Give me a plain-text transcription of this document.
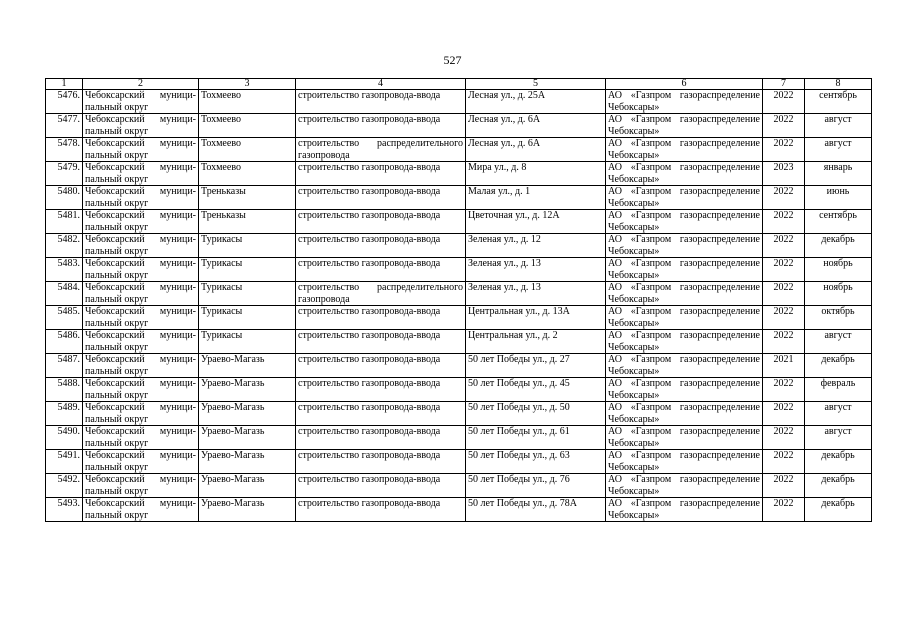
527
1	2	3	4	5	6	7	8
5476.	Чебоксарский муници-пальный округ	Тохмеево	строительство газопровода-ввода	Лесная ул., д. 25А	АО «Газпром газораспределение Чебоксары»	2022	сентябрь
5477.	Чебоксарский муници-пальный округ	Тохмеево	строительство газопровода-ввода	Лесная ул., д. 6А	АО «Газпром газораспределение Чебоксары»	2022	август
5478.	Чебоксарский муници-пальный округ	Тохмеево	строительство распределительного газопровода	Лесная ул., д. 6А	АО «Газпром газораспределение Чебоксары»	2022	август
5479.	Чебоксарский муници-пальный округ	Тохмеево	строительство газопровода-ввода	Мира ул., д. 8	АО «Газпром газораспределение Чебоксары»	2023	январь
5480.	Чебоксарский муници-пальный округ	Треньказы	строительство газопровода-ввода	Малая ул., д. 1	АО «Газпром газораспределение Чебоксары»	2022	июнь
5481.	Чебоксарский муници-пальный округ	Треньказы	строительство газопровода-ввода	Цветочная ул., д. 12А	АО «Газпром газораспределение Чебоксары»	2022	сентябрь
5482.	Чебоксарский муници-пальный округ	Турикасы	строительство газопровода-ввода	Зеленая ул., д. 12	АО «Газпром газораспределение Чебоксары»	2022	декабрь
5483.	Чебоксарский муници-пальный округ	Турикасы	строительство газопровода-ввода	Зеленая ул., д. 13	АО «Газпром газораспределение Чебоксары»	2022	ноябрь
5484.	Чебоксарский муници-пальный округ	Турикасы	строительство распределительного газопровода	Зеленая ул., д. 13	АО «Газпром газораспределение Чебоксары»	2022	ноябрь
5485.	Чебоксарский муници-пальный округ	Турикасы	строительство газопровода-ввода	Центральная ул., д. 13А	АО «Газпром газораспределение Чебоксары»	2022	октябрь
5486.	Чебоксарский муници-пальный округ	Турикасы	строительство газопровода-ввода	Центральная ул., д. 2	АО «Газпром газораспределение Чебоксары»	2022	август
5487.	Чебоксарский муници-пальный округ	Ураево-Магазь	строительство газопровода-ввода	50 лет Победы ул., д. 27	АО «Газпром газораспределение Чебоксары»	2021	декабрь
5488.	Чебоксарский муници-пальный округ	Ураево-Магазь	строительство газопровода-ввода	50 лет Победы ул., д. 45	АО «Газпром газораспределение Чебоксары»	2022	февраль
5489.	Чебоксарский муници-пальный округ	Ураево-Магазь	строительство газопровода-ввода	50 лет Победы ул., д. 50	АО «Газпром газораспределение Чебоксары»	2022	август
5490.	Чебоксарский муници-пальный округ	Ураево-Магазь	строительство газопровода-ввода	50 лет Победы ул., д. 61	АО «Газпром газораспределение Чебоксары»	2022	август
5491.	Чебоксарский муници-пальный округ	Ураево-Магазь	строительство газопровода-ввода	50 лет Победы ул., д. 63	АО «Газпром газораспределение Чебоксары»	2022	декабрь
5492.	Чебоксарский муници-пальный округ	Ураево-Магазь	строительство газопровода-ввода	50 лет Победы ул., д. 76	АО «Газпром газораспределение Чебоксары»	2022	декабрь
5493.	Чебоксарский муници-пальный округ	Ураево-Магазь	строительство газопровода-ввода	50 лет Победы ул., д. 78А	АО «Газпром газораспределение Чебоксары»	2022	декабрь
